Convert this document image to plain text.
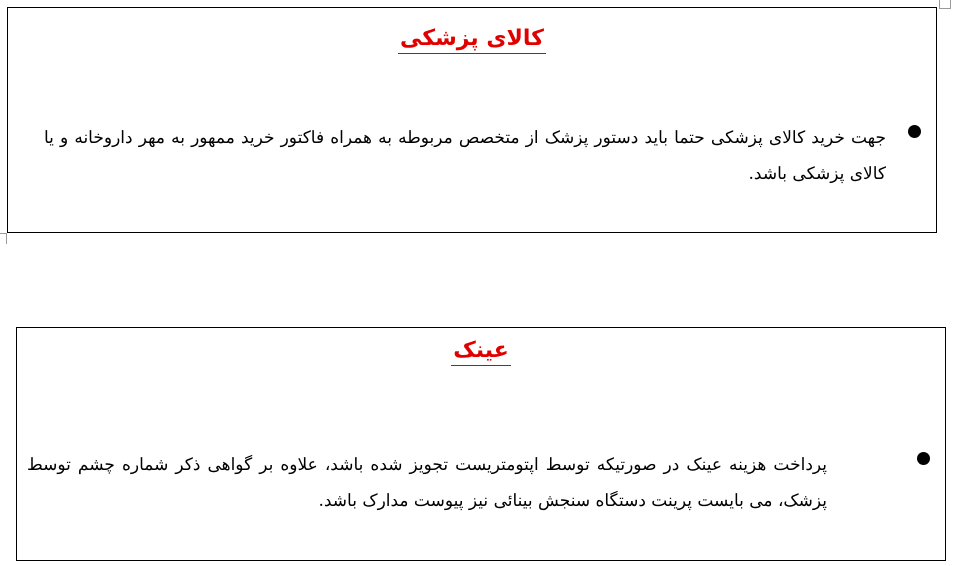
کالای پزشکی
جهت خرید کالای پزشکی حتما باید دستور پزشک از متخصص مربوطه به همراه فاکتور خرید ممهور به مهر داروخانه و یا کالای پزشکی باشد.
عینک
پرداخت هزینه عینک در صورتیکه توسط اپتومتریست تجویز شده باشد، علاوه بر گواهی ذکر شماره چشم توسط پزشک، می بایست پرینت دستگاه سنجش بینائی نیز پیوست مدارک باشد.
